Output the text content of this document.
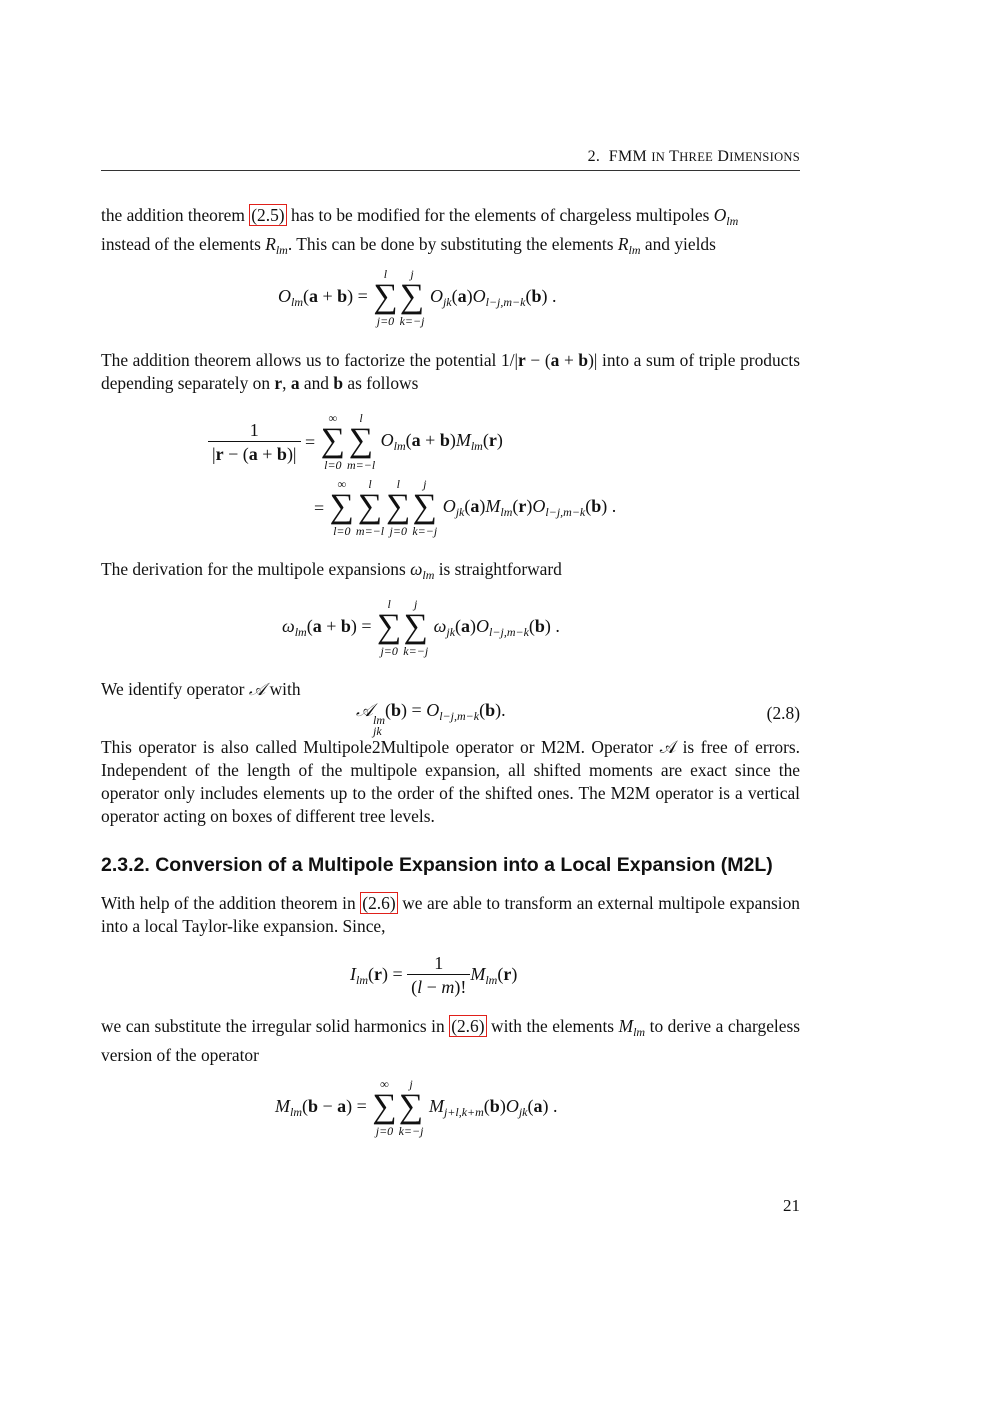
2.  FMM IN THREE DIMENSIONS

the addition theorem (2.5) has to be modified for the elements of chargeless multipoles $O_{lm}$
instead of the elements $R_{lm}$. This can be done by substituting the elements $R_{lm}$ and yields

$O_{lm}(a + b)$ =
l
∑
j=0
j
∑
k=−j
$O_{jk}(a)O_{l-j,m-k}(b)$ .

The addition theorem allows us to factorize the potential 1/|r − (a + b)| into a sum of triple products depending separately on r, a and b as follows

$\frac{1}{|r - (a + b)|}$ =
∞
∑
l=0
l
∑
m=−l
$O_{lm}(a + b)M_{lm}(r)$
=
∞
∑
l=0
l
∑
m=−l
l
∑
j=0
j
∑
k=−j
$O_{jk}(a)M_{lm}(r)O_{l-j,m-k}(b)$ .

The derivation for the multipole expansions $\omega_{lm}$ is straightforward

$\omega_{lm}(a + b)$ =
l
∑
j=0
j
∑
k=−j
$\omega_{jk}(a)O_{l-j,m-k}(b)$ .

We identify operator 𝒜 with

𝒜 lm
jk
$(b) = O_{l-j,m-k}(b)$.	(2.8)

This operator is also called Multipole2Multipole operator or M2M. Operator 𝒜 is free of errors. Independent of the length of the multipole expansion, all shifted moments are exact since the operator only includes elements up to the order of the shifted ones. The M2M operator is a vertical operator acting on boxes of different tree levels.

2.3.2. Conversion of a Multipole Expansion into a Local Expansion (M2L)

With help of the addition theorem in (2.6) we are able to transform an external multipole expansion into a local Taylor-like expansion. Since,

$I_{lm}(r) = \frac{1}{(l - m)!} M_{lm}(r)$

we can substitute the irregular solid harmonics in (2.6) with the elements $M_{lm}$ to derive a chargeless version of the operator

$M_{lm}(b - a)$ =
∞
∑
j=0
j
∑
k=−j
$M_{j+l,k+m}(b)O_{jk}(a)$ .
21
